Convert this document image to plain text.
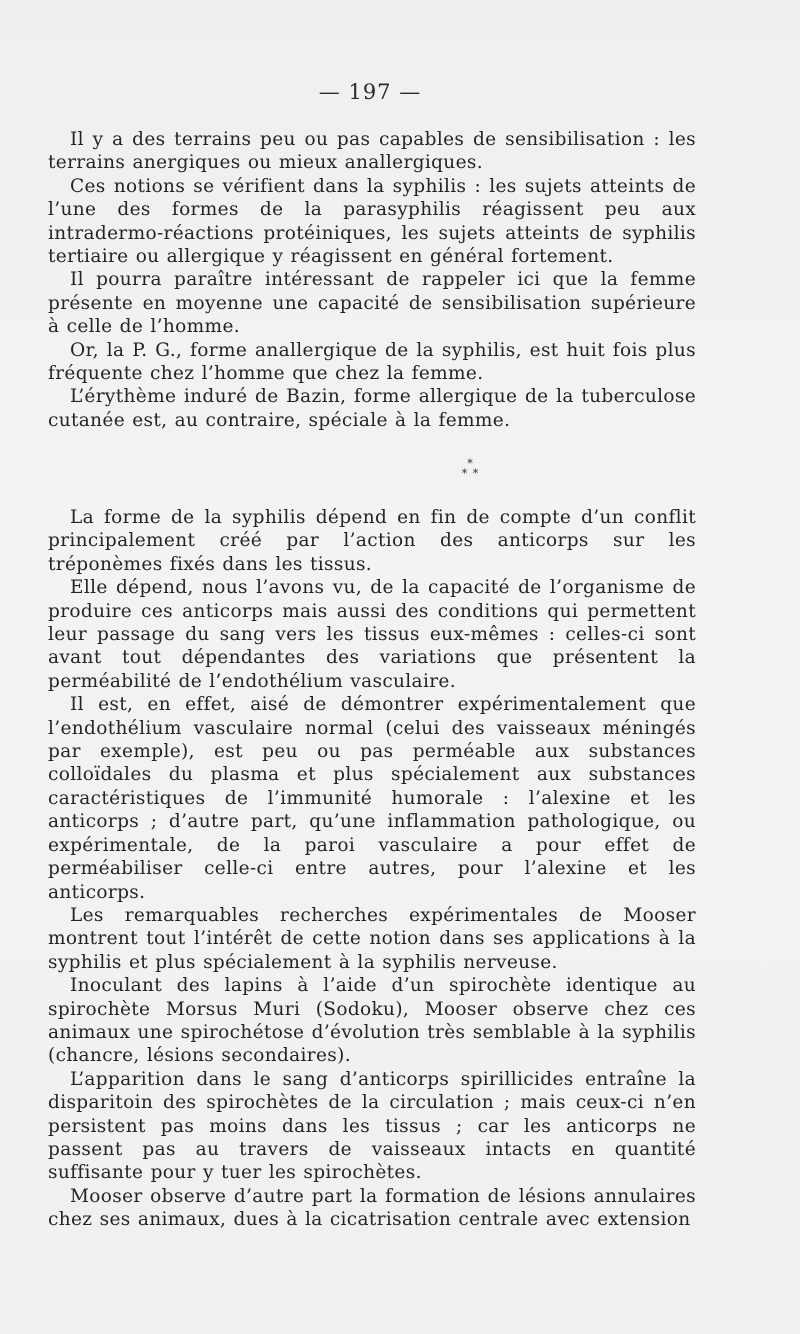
— 197 —

Il y a des terrains peu ou pas capables de sensibilisation : les terrains anergiques ou mieux anallergiques.

Ces notions se vérifient dans la syphilis : les sujets atteints de l’une des formes de la parasyphilis réagissent peu aux intradermo-réactions protéiniques, les sujets atteints de syphilis tertiaire ou allergique y réagissent en général fortement.

Il pourra paraître intéressant de rappeler ici que la femme présente en moyenne une capacité de sensibilisation supérieure à celle de l’homme.

Or, la P. G., forme anallergique de la syphilis, est huit fois plus fréquente chez l’homme que chez la femme.

L’érythème induré de Bazin, forme allergique de la tuberculose cutanée est, au contraire, spéciale à la femme.

*
* *

La forme de la syphilis dépend en fin de compte d’un conflit principalement créé par l’action des anticorps sur les tréponèmes fixés dans les tissus.

Elle dépend, nous l’avons vu, de la capacité de l’organisme de produire ces anticorps mais aussi des conditions qui permettent leur passage du sang vers les tissus eux-mêmes : celles-ci sont avant tout dépendantes des variations que présentent la perméabilité de l’endothélium vasculaire.

Il est, en effet, aisé de démontrer expérimentalement que l’endothélium vasculaire normal (celui des vaisseaux méningés par exemple), est peu ou pas perméable aux substances colloïdales du plasma et plus spécialement aux substances caractéristiques de l’immunité humorale : l’alexine et les anticorps ; d’autre part, qu’une inflammation pathologique, ou expérimentale, de la paroi vasculaire a pour effet de perméabiliser celle-ci entre autres, pour l’alexine et les anticorps.

Les remarquables recherches expérimentales de Mooser montrent tout l’intérêt de cette notion dans ses applications à la syphilis et plus spécialement à la syphilis nerveuse.

Inoculant des lapins à l’aide d’un spirochète identique au spirochète Morsus Muri (Sodoku), Mooser observe chez ces animaux une spirochétose d’évolution très semblable à la syphilis (chancre, lésions secondaires).

L’apparition dans le sang d’anticorps spirillicides entraîne la disparitoin des spirochètes de la circulation ; mais ceux-ci n’en persistent pas moins dans les tissus ; car les anticorps ne passent pas au travers de vaisseaux intacts en quantité suffisante pour y tuer les spirochètes.

Mooser observe d’autre part la formation de lésions annulaires chez ses animaux, dues à la cicatrisation centrale avec extension
